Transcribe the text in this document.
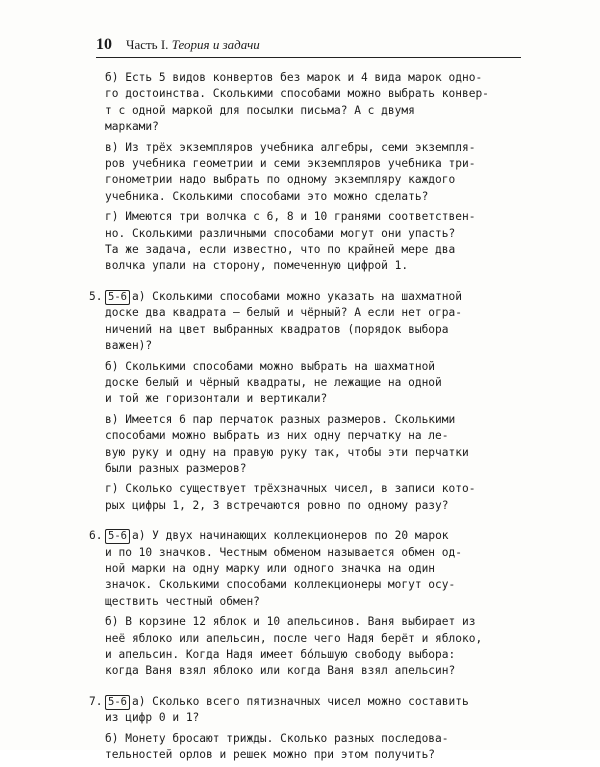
10 Часть I. Теория и задачи
б) Есть 5 видов конвертов без марок и 4 вида марок одно-
го достоинства. Сколькими способами можно выбрать конвер-
т с одной маркой для посылки письма? А с двумя
марками?
в) Из трёх экземпляров учебника алгебры, семи экземпля-
ров учебника геометрии и семи экземпляров учебника три-
гонометрии надо выбрать по одному экземпляру каждого
учебника. Сколькими способами это можно сделать?
г) Имеются три волчка с 6, 8 и 10 гранями соответствен-
но. Сколькими различными способами могут они упасть?
Та же задача, если известно, что по крайней мере два
волчка упали на сторону, помеченную цифрой 1.
5. 5-6 а) Сколькими способами можно указать на шахматной
доске два квадрата — белый и чёрный? А если нет огра-
ничений на цвет выбранных квадратов (порядок выбора
важен)?
б) Сколькими способами можно выбрать на шахматной
доске белый и чёрный квадраты, не лежащие на одной
и той же горизонтали и вертикали?
в) Имеется 6 пар перчаток разных размеров. Сколькими
способами можно выбрать из них одну перчатку на ле-
вую руку и одну на правую руку так, чтобы эти перчатки
были разных размеров?
г) Сколько существует трёхзначных чисел, в записи кото-
рых цифры 1, 2, 3 встречаются ровно по одному разу?
6. 5-6 а) У двух начинающих коллекционеров по 20 марок
и по 10 значков. Честным обменом называется обмен од-
ной марки на одну марку или одного значка на один
значок. Сколькими способами коллекционеры могут осу-
ществить честный обмен?
б) В корзине 12 яблок и 10 апельсинов. Ваня выбирает из
неё яблоко или апельсин, после чего Надя берёт и яблоко,
и апельсин. Когда Надя имеет бо́льшую свободу выбора:
когда Ваня взял яблоко или когда Ваня взял апельсин?
7. 5-6 а) Сколько всего пятизначных чисел можно составить
из цифр 0 и 1?
б) Монету бросают трижды. Сколько разных последова-
тельностей орлов и решек можно при этом получить?
